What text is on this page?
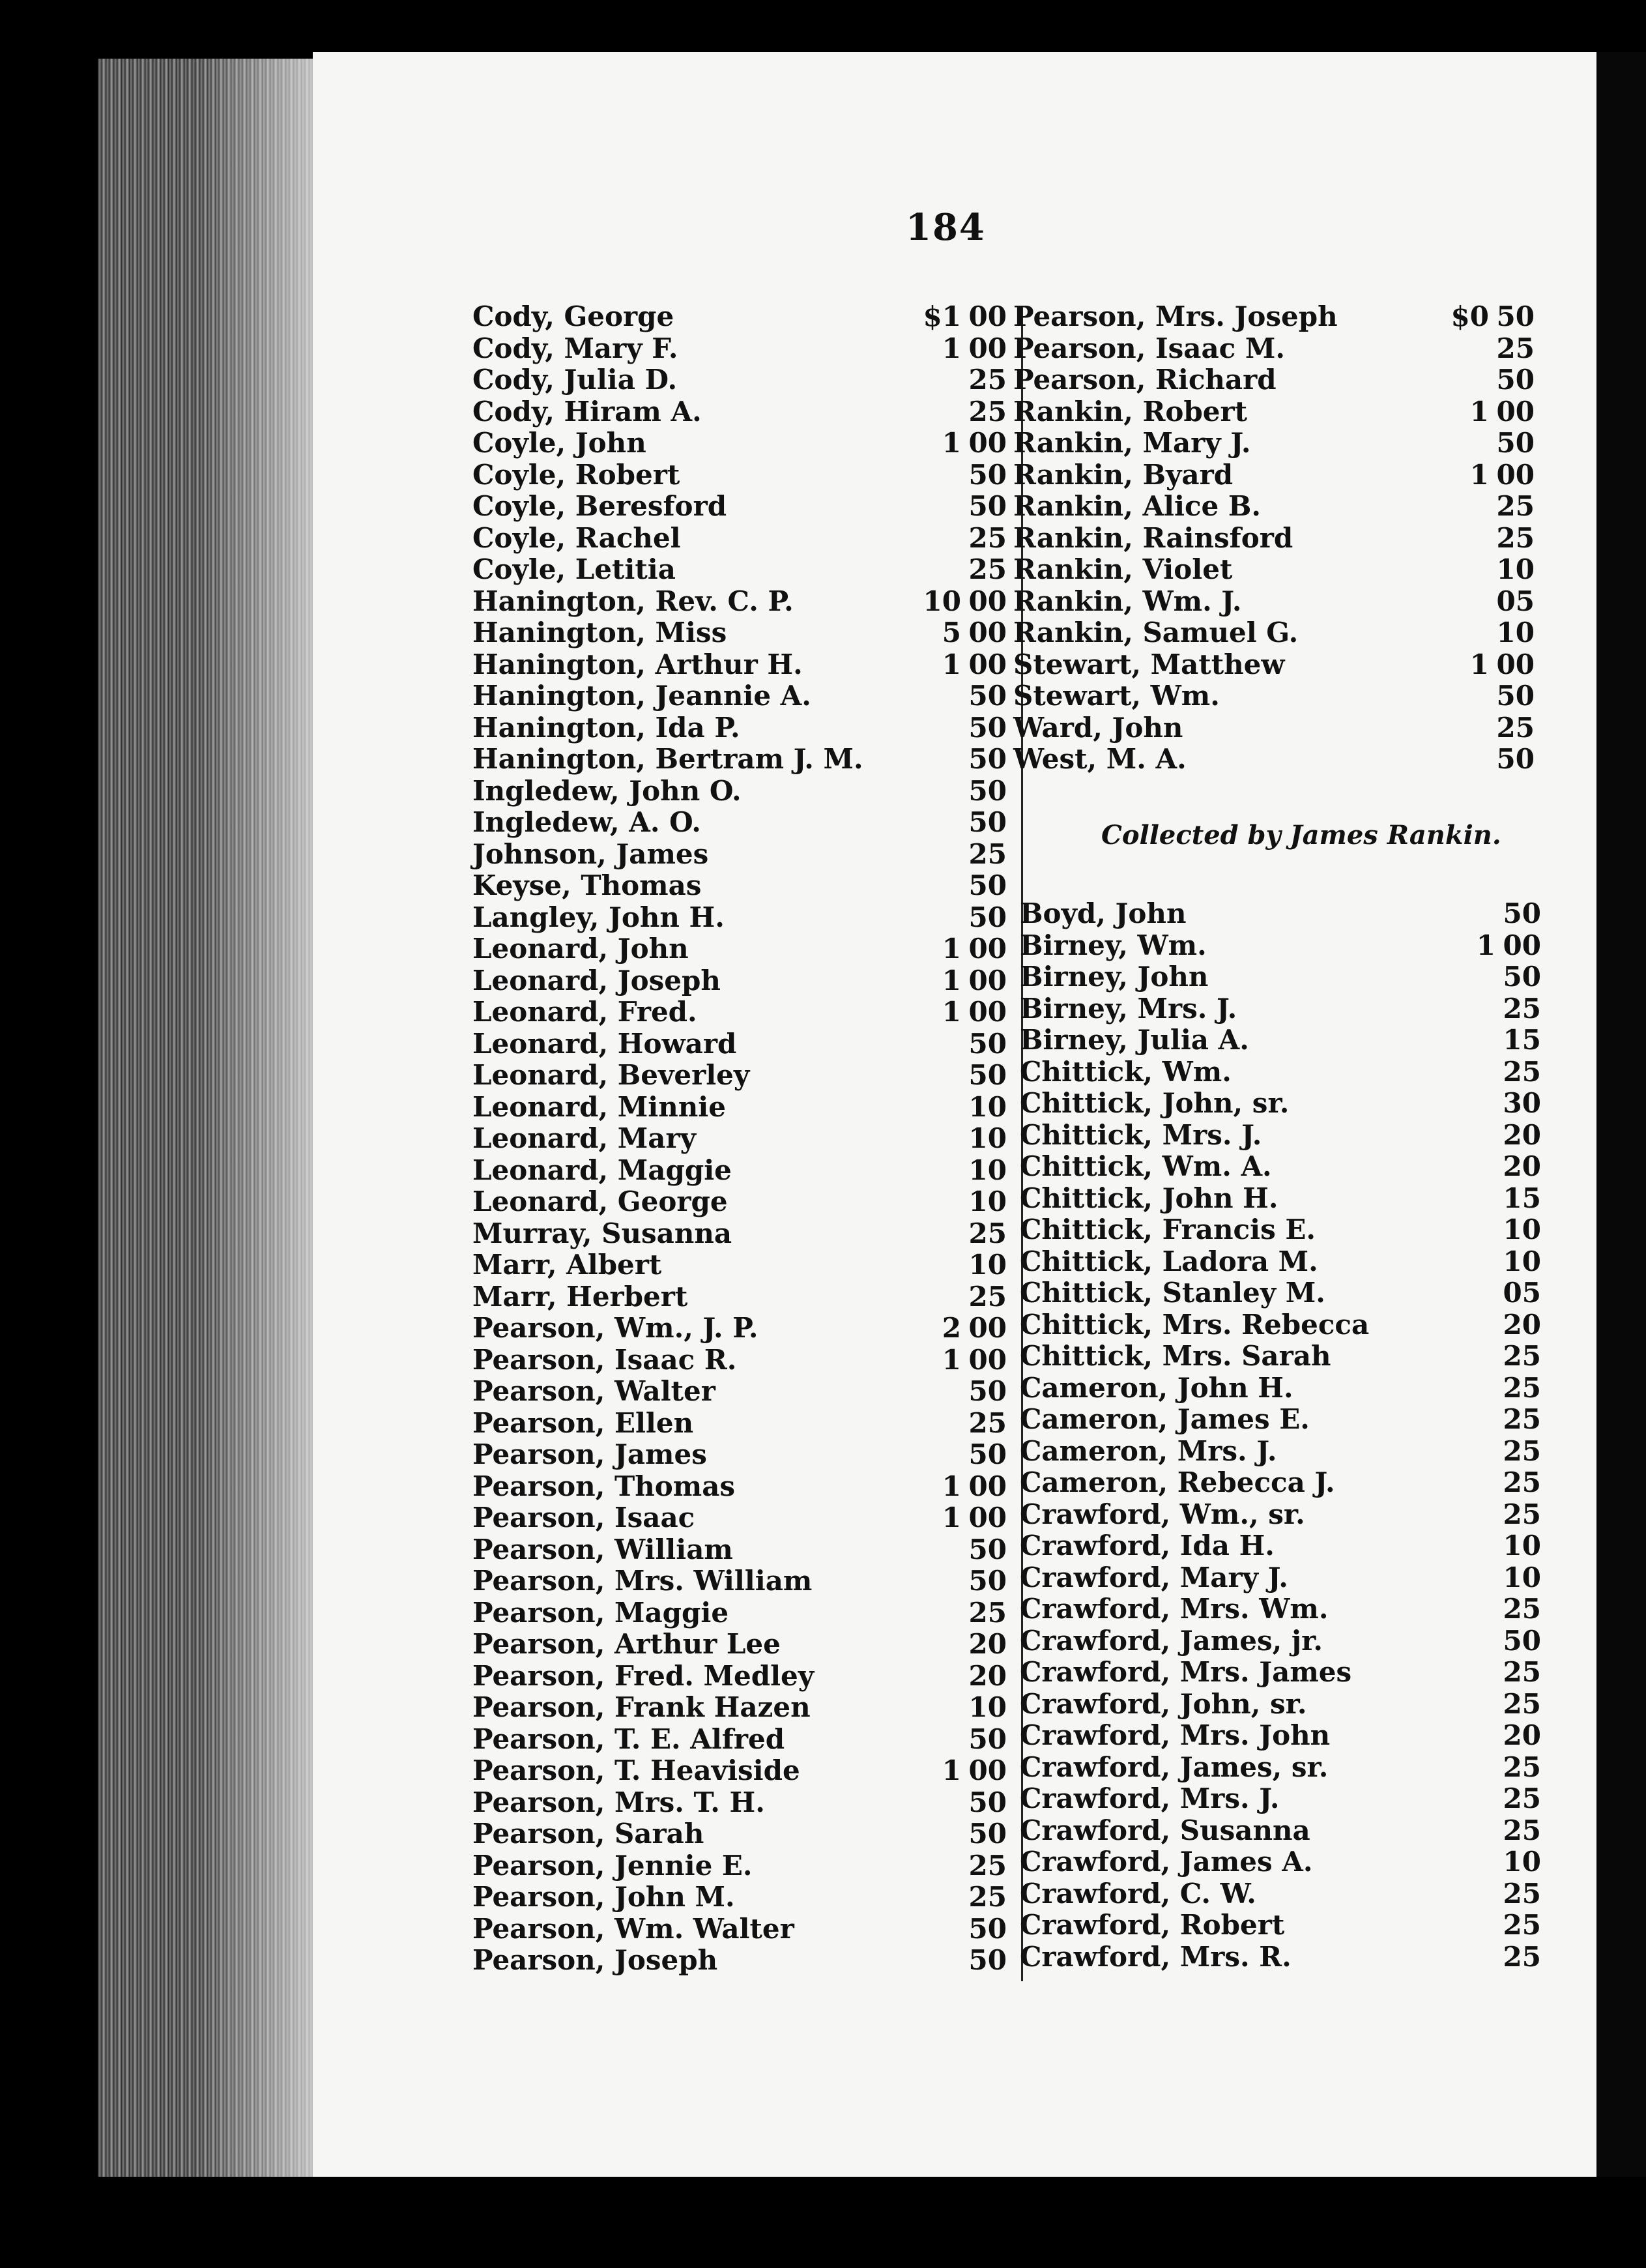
184
Cody, George	$1 00
Cody, Mary F.	1 00
Cody, Julia D.	25
Cody, Hiram A.	25
Coyle, John	1 00
Coyle, Robert	50
Coyle, Beresford	50
Coyle, Rachel	25
Coyle, Letitia	25
Hanington, Rev. C. P.	10 00
Hanington, Miss	5 00
Hanington, Arthur H.	1 00
Hanington, Jeannie A.	50
Hanington, Ida P.	50
Hanington, Bertram J. M.	50
Ingledew, John O.	50
Ingledew, A. O.	50
Johnson, James	25
Keyse, Thomas	50
Langley, John H.	50
Leonard, John	1 00
Leonard, Joseph	1 00
Leonard, Fred.	1 00
Leonard, Howard	50
Leonard, Beverley	50
Leonard, Minnie	10
Leonard, Mary	10
Leonard, Maggie	10
Leonard, George	10
Murray, Susanna	25
Marr, Albert	10
Marr, Herbert	25
Pearson, Wm., J. P.	2 00
Pearson, Isaac R.	1 00
Pearson, Walter	50
Pearson, Ellen	25
Pearson, James	50
Pearson, Thomas	1 00
Pearson, Isaac	1 00
Pearson, William	50
Pearson, Mrs. William	50
Pearson, Maggie	25
Pearson, Arthur Lee	20
Pearson, Fred. Medley	20
Pearson, Frank Hazen	10
Pearson, T. E. Alfred	50
Pearson, T. Heaviside	1 00
Pearson, Mrs. T. H.	50
Pearson, Sarah	50
Pearson, Jennie E.	25
Pearson, John M.	25
Pearson, Wm. Walter	50
Pearson, Joseph	50
Pearson, Mrs. Joseph	$0 50
Pearson, Isaac M.	25
Pearson, Richard	50
Rankin, Robert	1 00
Rankin, Mary J.	50
Rankin, Byard	1 00
Rankin, Alice B.	25
Rankin, Rainsford	25
Rankin, Violet	10
Rankin, Wm. J.	05
Rankin, Samuel G.	10
Stewart, Matthew	1 00
Stewart, Wm.	50
Ward, John	25
West, M. A.	50
Collected by James Rankin.
Boyd, John	50
Birney, Wm.	1 00
Birney, John	50
Birney, Mrs. J.	25
Birney, Julia A.	15
Chittick, Wm.	25
Chittick, John, sr.	30
Chittick, Mrs. J.	20
Chittick, Wm. A.	20
Chittick, John H.	15
Chittick, Francis E.	10
Chittick, Ladora M.	10
Chittick, Stanley M.	05
Chittick, Mrs. Rebecca	20
Chittick, Mrs. Sarah	25
Cameron, John H.	25
Cameron, James E.	25
Cameron, Mrs. J.	25
Cameron, Rebecca J.	25
Crawford, Wm., sr.	25
Crawford, Ida H.	10
Crawford, Mary J.	10
Crawford, Mrs. Wm.	25
Crawford, James, jr.	50
Crawford, Mrs. James	25
Crawford, John, sr.	25
Crawford, Mrs. John	20
Crawford, James, sr.	25
Crawford, Mrs. J.	25
Crawford, Susanna	25
Crawford, James A.	10
Crawford, C. W.	25
Crawford, Robert	25
Crawford, Mrs. R.	25
